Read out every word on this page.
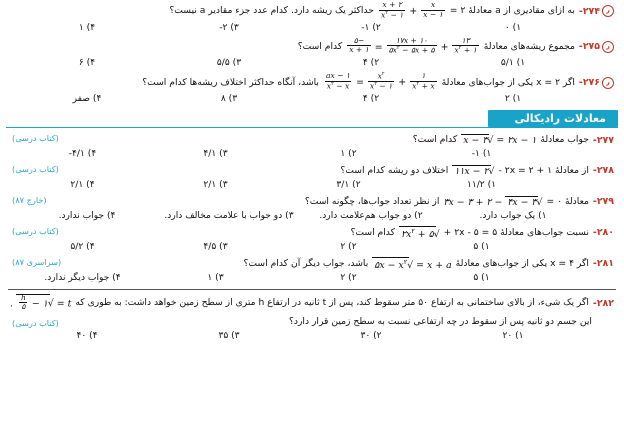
ر
۲۷۴-
به ازای مقادیری از a معادلهٔ ۲ =
$\frac{x}{x - ۱}$
+
$\frac{x + ۲}{x^۲ - ۱}$
حداکثر یک ریشه دارد. کدام عدد جزء مقادیر a نیست؟
۱) ۰
۲) ۱-
۳) ۲-
۴) ۱
ر
۲۷۵-
مجموع ریشه‌های معادلهٔ
$\frac{۱۳}{x^۲ + ۱}$
+
$\frac{۱۷x + ۱۰}{۵x^۲ - ۵x + ۵}$
=
$\frac{-۵}{x + ۱}$
کدام است؟
۱) ۵/۱
۲) ۴
۳) ۵/۵
۴) ۶
ر
۲۷۶-
اگر ۲ = x یکی از جواب‌های معادلهٔ
$\frac{۱}{x^۲ + x}$
+
$\frac{x^۲}{x^۲ - ۱}$
=
$\frac{ax - ۱}{x^۲ - x}$
باشد، آنگاه حداکثر اختلاف ریشه‌ها کدام است؟
۱) ۲
۲) ۴
۳) ۸
۴) صفر
معادلات رادیکالی
(کتاب درسی)	۲۷۷-
جواب معادلهٔ
۱ − ۲x = √ ۳ − x
کدام است؟
۱) ۱-
۲) ۱
۳) ۴/۱
۴) ۴/۱-
(کتاب درسی)	۲۷۸-
از معادلهٔ ۱ + ۲x = ۲ -
√ ۱۱x − ۲
اختلاف دو ریشه کدام است؟
۱) ۱۱/۲
۲) ۳/۱
۳) ۲/۱
۴) ۲/۱
(خارج ۸۷)	۲۷۹-
معادلهٔ ۰ =
√ ۴x − ۳ − ۲ + ۳x − ۳
از نظر تعداد جواب‌ها، چگونه است؟
۱) یک جواب دارد.
۲) دو جواب هم‌علامت دارد.
۳) دو جواب با علامت مخالف دارد.
۴) جواب ندارد.
(کتاب درسی)	۲۸۰-
نسبت جواب‌های معادلهٔ ۵ = ۲x - ۵ +
√ $۲x^۲$ + ۵
کدام است؟
۱) ۵
۲) ۲
۳) ۴/۵
۴) ۵/۲
(سراسری ۸۷)	۲۸۱-
اگر ۴ = x یکی از جواب‌های معادلهٔ
x + a = √ ۵x − $x^۲$
باشد، جواب دیگر آن کدام است؟
۱) ۵
۲) ۲
۳) ۱
۴) جواب دیگر ندارد.
(کتاب درسی)
۲۸۲-
اگر یک شیء، از بالای ساختمانی به ارتفاع ۵۰ متر سقوط کند، پس از t ثانیه در ارتفاع h متری از سطح زمین خواهد داشت: به طوری که
t = √ ۱ −
$\frac{h}{۵}$
.
این جسم دو ثانیه پس از سقوط در چه ارتفاعی نسبت به سطح زمین قرار دارد؟
۱) ۲۰
۲) ۳۰
۳) ۳۵
۴) ۴۰
